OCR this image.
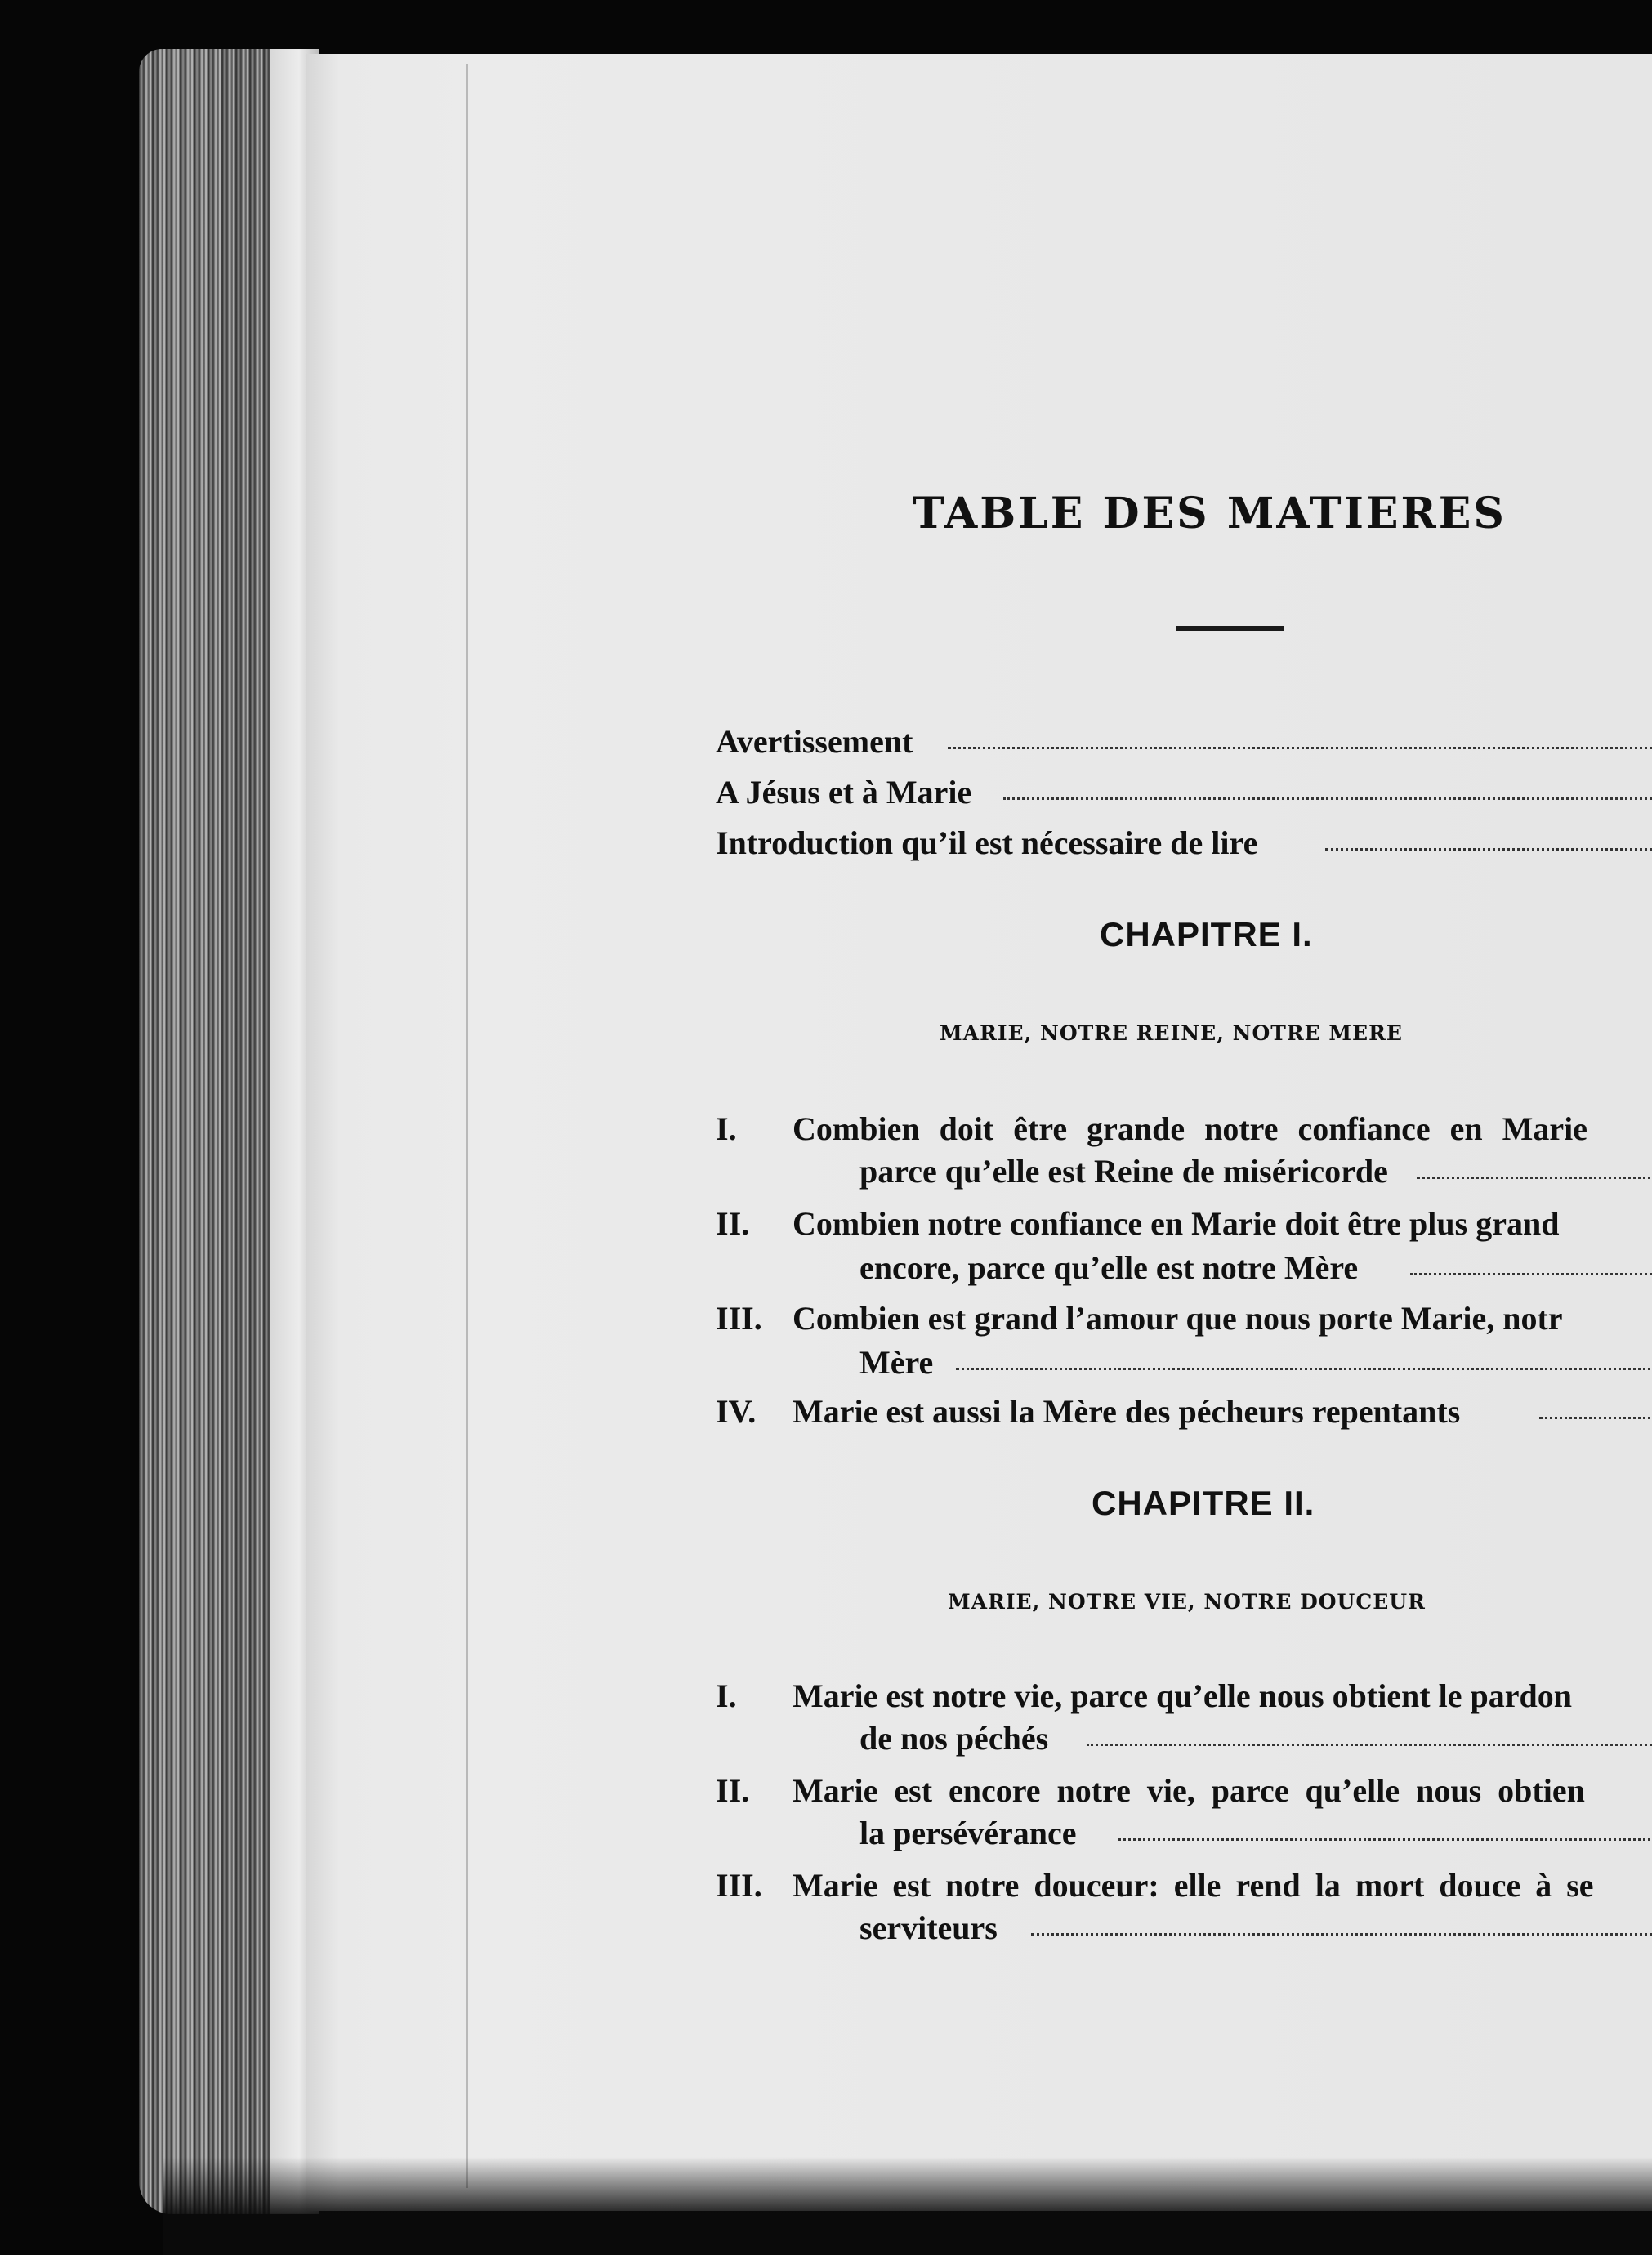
TABLE DES MATIERES
Avertissement
A Jésus et à Marie
Introduction qu’il est nécessaire de lire
CHAPITRE I.
MARIE, NOTRE REINE, NOTRE MERE
I. Combien doit être grande notre confiance en Marie
parce qu’elle est Reine de miséricorde
II. Combien notre confiance en Marie doit être plus grand
encore, parce qu’elle est notre Mère
III. Combien est grand l’amour que nous porte Marie, notr
Mère
IV. Marie est aussi la Mère des pécheurs repentants
CHAPITRE II.
MARIE, NOTRE VIE, NOTRE DOUCEUR
I. Marie est notre vie, parce qu’elle nous obtient le pardon
de nos péchés
II. Marie est encore notre vie, parce qu’elle nous obtien
la persévérance
III. Marie est notre douceur: elle rend la mort douce à se
serviteurs
